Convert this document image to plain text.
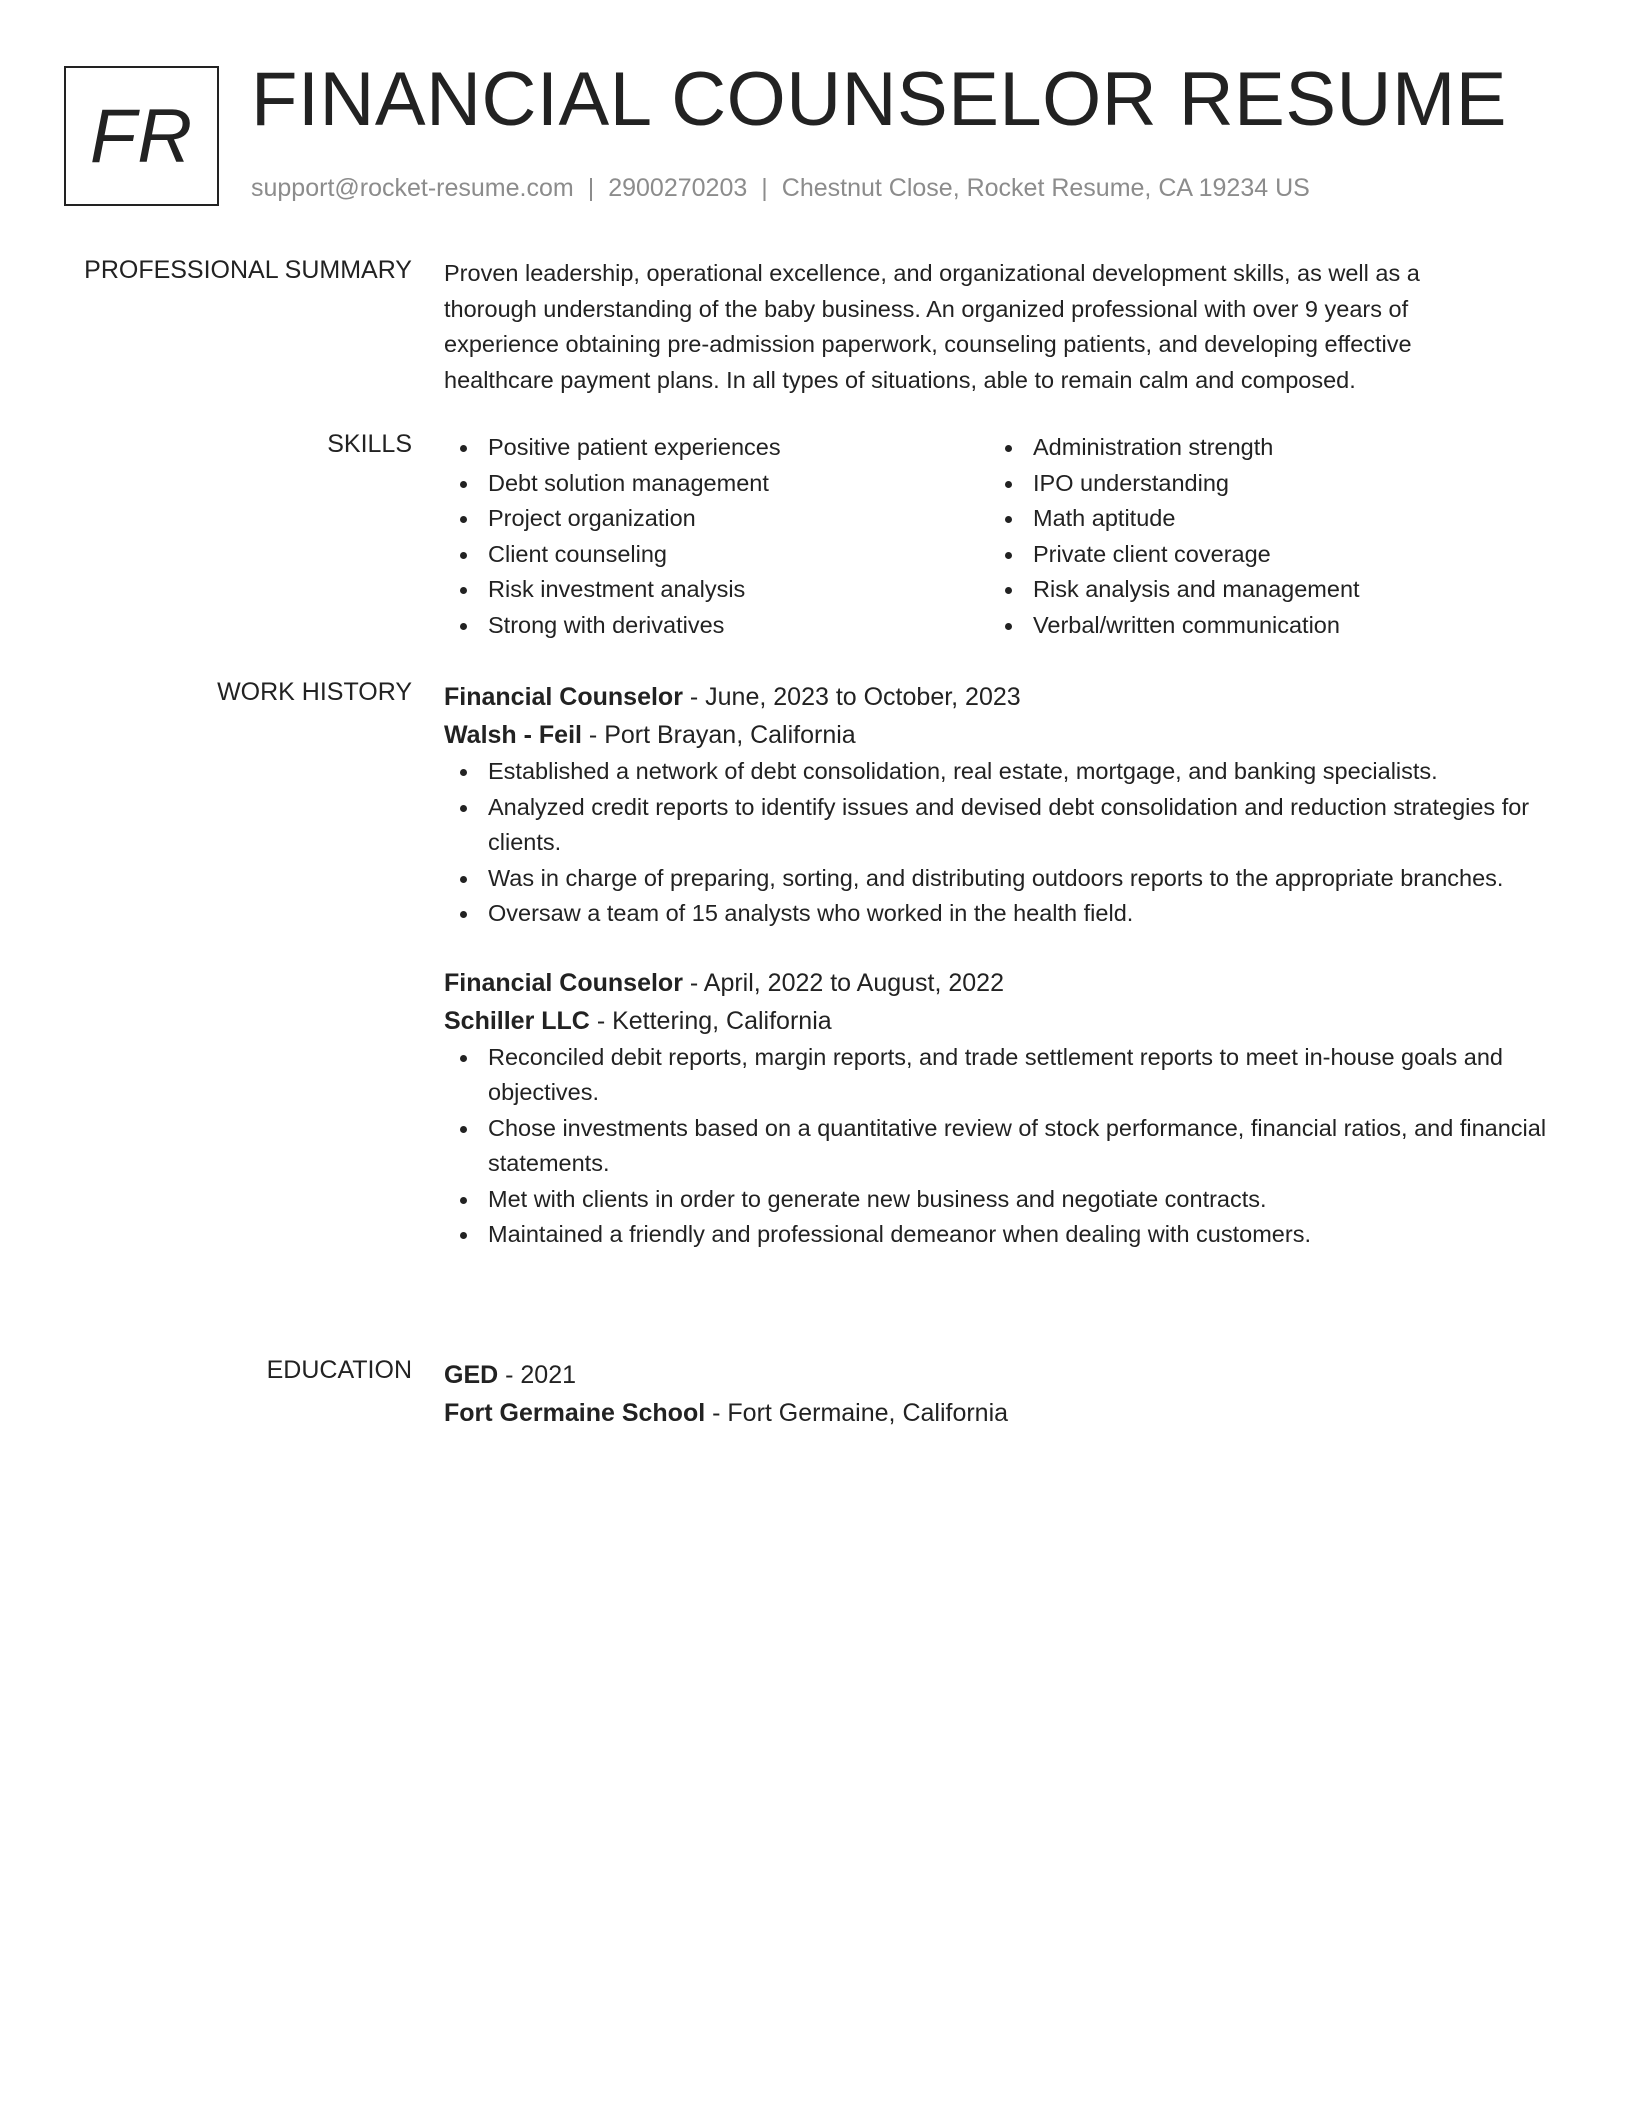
FR FINANCIAL COUNSELOR RESUME
support@rocket-resume.com | 2900270203 | Chestnut Close, Rocket Resume, CA 19234 US
PROFESSIONAL SUMMARY Proven leadership, operational excellence, and organizational development skills, as well as a thorough understanding of the baby business. An organized professional with over 9 years of experience obtaining pre-admission paperwork, counseling patients, and developing effective healthcare payment plans. In all types of situations, able to remain calm and composed.

SKILLS	Positive patient experiences
Debt solution management
Project organization
Client counseling
Risk investment analysis
Strong with derivatives
Administration strength
IPO understanding
Math aptitude
Private client coverage
Risk analysis and management
Verbal/written communication
WORK HISTORY Financial Counselor - June, 2023 to October, 2023
Walsh - Feil - Port Brayan, California
Established a network of debt consolidation, real estate, mortgage, and banking specialists.
Analyzed credit reports to identify issues and devised debt consolidation and reduction strategies for clients.
Was in charge of preparing, sorting, and distributing outdoors reports to the appropriate branches.
Oversaw a team of 15 analysts who worked in the health field.
Financial Counselor - April, 2022 to August, 2022
Schiller LLC - Kettering, California
Reconciled debit reports, margin reports, and trade settlement reports to meet in-house goals and objectives.
Chose investments based on a quantitative review of stock performance, financial ratios, and financial statements.
Met with clients in order to generate new business and negotiate contracts.
Maintained a friendly and professional demeanor when dealing with customers.
EDUCATION GED - 2021
Fort Germaine School - Fort Germaine, California
